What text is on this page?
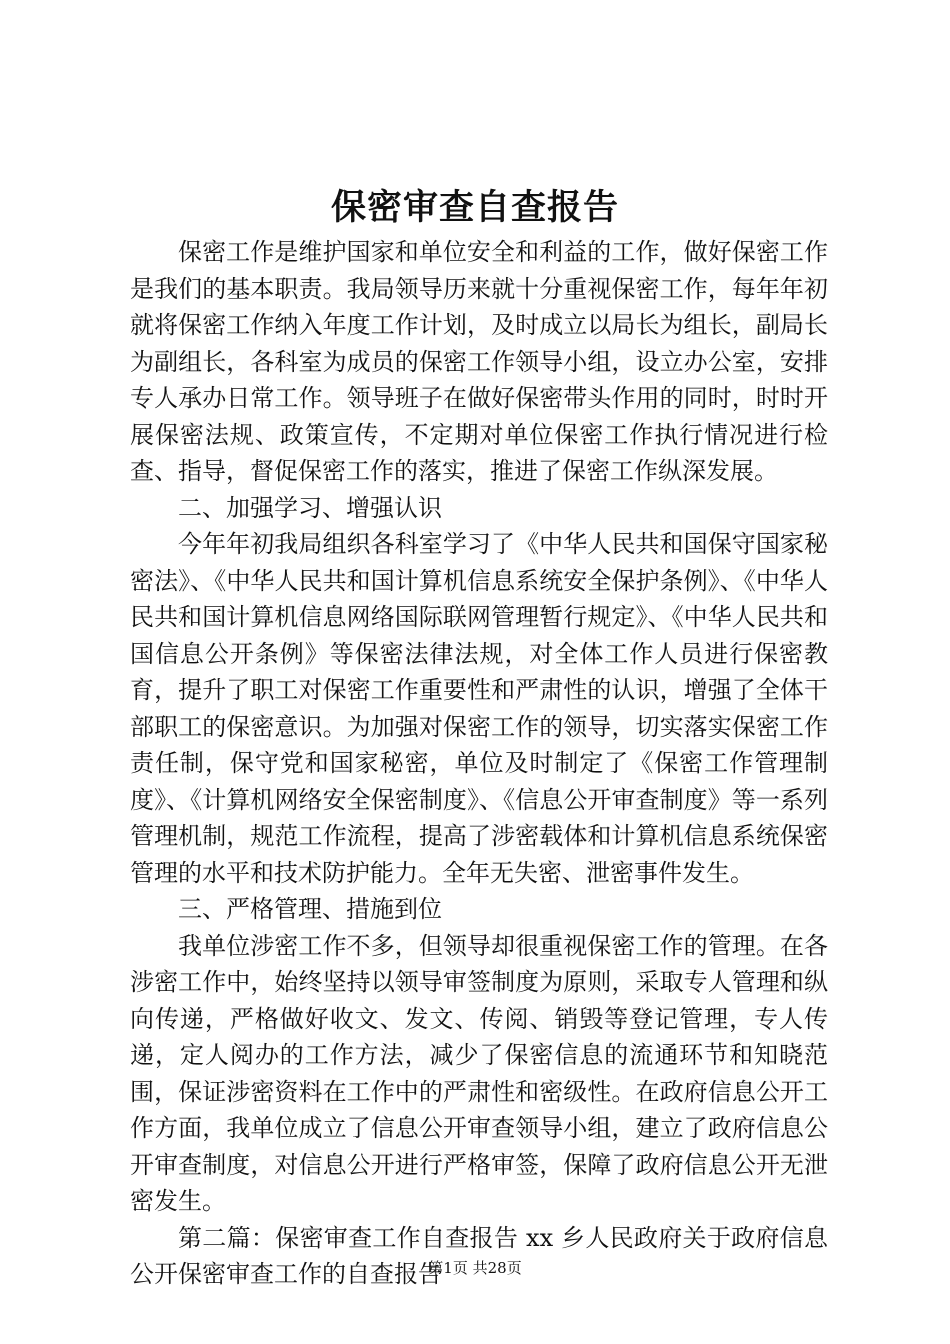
保密审查自查报告

保密工作是维护国家和单位安全和利益的工作，做好保密工作是我们的基本职责。我局领导历来就十分重视保密工作，每年年初就将保密工作纳入年度工作计划，及时成立以局长为组长，副局长为副组长，各科室为成员的保密工作领导小组，设立办公室，安排专人承办日常工作。领导班子在做好保密带头作用的同时，时时开展保密法规、政策宣传，不定期对单位保密工作执行情况进行检查、指导，督促保密工作的落实，推进了保密工作纵深发展。

二、加强学习、增强认识

今年年初我局组织各科室学习了《中华人民共和国保守国家秘密法》、《中华人民共和国计算机信息系统安全保护条例》、《中华人民共和国计算机信息网络国际联网管理暂行规定》、《中华人民共和国信息公开条例》等保密法律法规，对全体工作人员进行保密教育，提升了职工对保密工作重要性和严肃性的认识，增强了全体干部职工的保密意识。为加强对保密工作的领导，切实落实保密工作责任制，保守党和国家秘密，单位及时制定了《保密工作管理制度》、《计算机网络安全保密制度》、《信息公开审查制度》等一系列管理机制，规范工作流程，提高了涉密载体和计算机信息系统保密管理的水平和技术防护能力。全年无失密、泄密事件发生。

三、严格管理、措施到位

我单位涉密工作不多，但领导却很重视保密工作的管理。在各涉密工作中，始终坚持以领导审签制度为原则，采取专人管理和纵向传递，严格做好收文、发文、传阅、销毁等登记管理，专人传递，定人阅办的工作方法，减少了保密信息的流通环节和知晓范围，保证涉密资料在工作中的严肃性和密级性。在政府信息公开工作方面，我单位成立了信息公开审查领导小组，建立了政府信息公开审查制度，对信息公开进行严格审签，保障了政府信息公开无泄密发生。

第二篇：保密审查工作自查报告 xx 乡人民政府关于政府信息公开保密审查工作的自查报告

第1页 共28页
